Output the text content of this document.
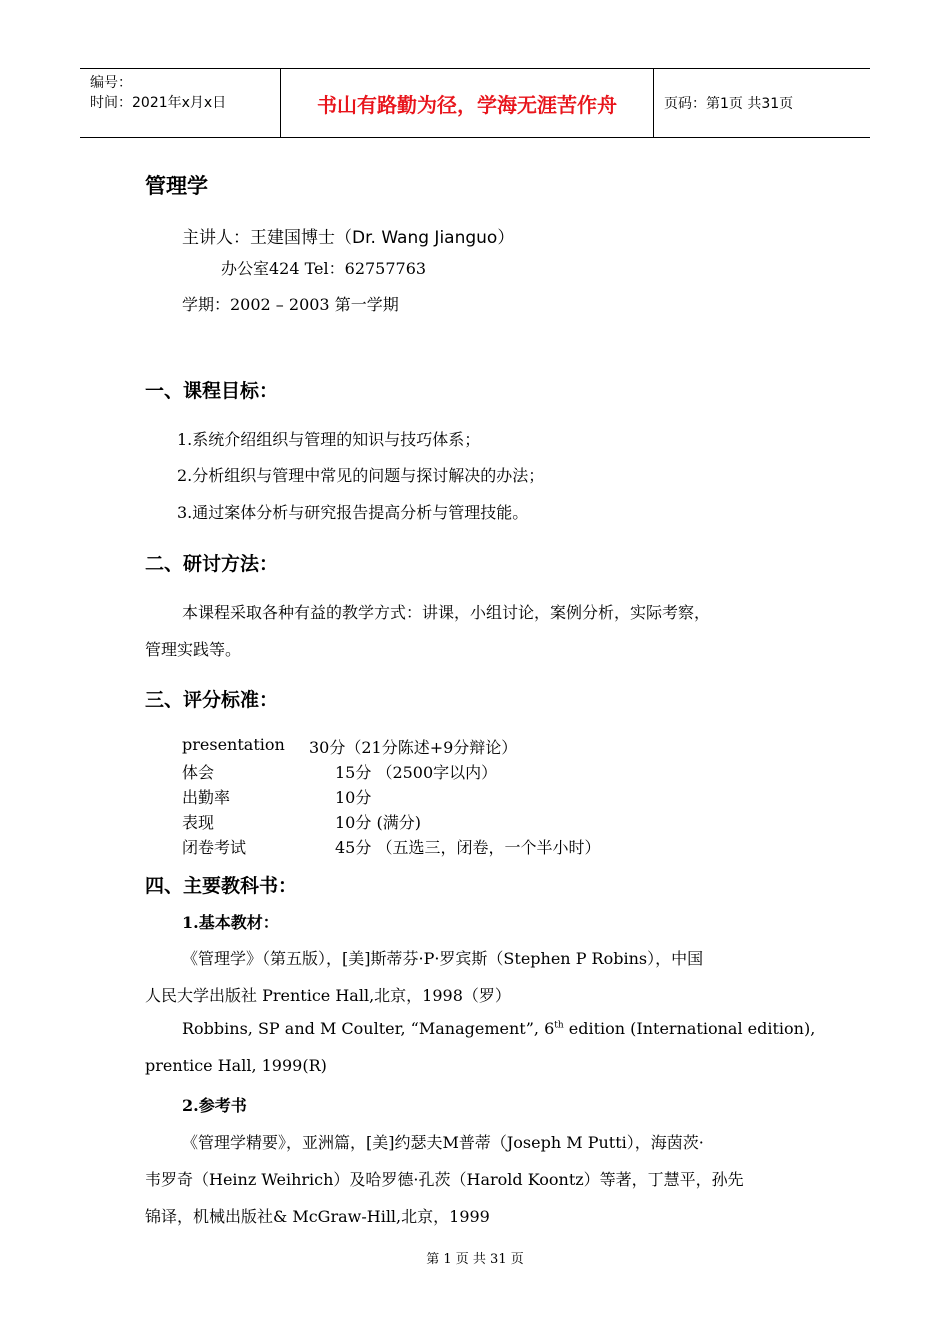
编号：
时间：2021年x月x日	书山有路勤为径，学海无涯苦作舟	页码：第1页 共31页
管理学
主讲人：王建国博士（Dr. Wang Jianguo）
办公室424 Tel：62757763
学期：2002 – 2003 第一学期
一、课程目标：
1.系统介绍组织与管理的知识与技巧体系；
2.分析组织与管理中常见的问题与探讨解决的办法；
3.通过案体分析与研究报告提高分析与管理技能。
二、研讨方法：
本课程采取各种有益的教学方式：讲课，小组讨论，案例分析，实际考察，
管理实践等。
三、评分标准：
presentation 30分（21分陈述+9分辩论）
体会	15分 （2500字以内）
出勤率	10分
表现	10分 (满分)
闭卷考试	45分 （五选三，闭卷，一个半小时）
四、主要教科书：
1.基本教材：
《管理学》（第五版），[美]斯蒂芬·P·罗宾斯（Stephen P Robins），中国
人民大学出版社 Prentice Hall,北京，1998（罗）
Robbins, SP and M Coulter, “Management”, 6th edition (International edition),
prentice Hall, 1999(R)
2.参考书
《管理学精要》，亚洲篇，[美]约瑟夫M普蒂（Joseph M Putti），海茵茨·
韦罗奇（Heinz Weihrich）及哈罗德·孔茨（Harold Koontz）等著，丁慧平，孙先
锦译，机械出版社& McGraw-Hill,北京，1999
第 1 页 共 31 页
